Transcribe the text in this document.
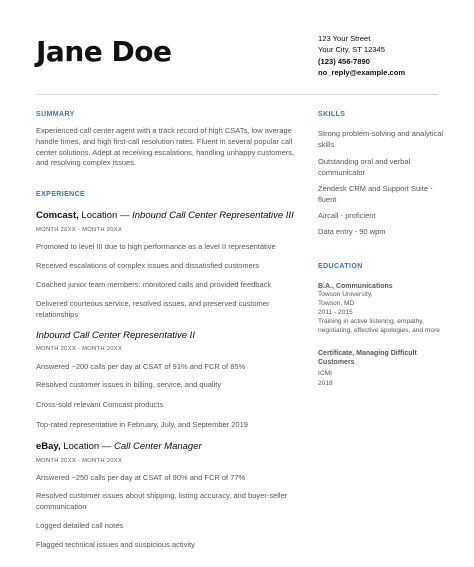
Jane Doe	123 Your Street
Your City, ST 12345
(123) 456-7890
no_reply@example.com
SUMMARY
Experienced call center agent with a track record of high CSATs, low average handle times, and high first-call resolution rates. Fluent in several popular call center solutions. Adept at receiving escalations, handling unhappy customers, and resolving complex issues.
EXPERIENCE
Comcast, Location — Inbound Call Center Representative III
MONTH 20XX - MONTH 20XX
Promoted to level III due to high performance as a level II representative
Received escalations of complex issues and dissatisfied customers
Coached junior team members: monitored calls and provided feedback
Delivered courteous service, resolved issues, and preserved customer relationships
Inbound Call Center Representative II
MONTH 20XX - MONTH 20XX
Answered ~200 calls per day at CSAT of 91% and FCR of 85%
Resolved customer issues in billing, service, and quality
Cross-sold relevant Comcast products
Top-rated representative in February, July, and September 2019
eBay, Location — Call Center Manager
MONTH 20XX - MONTH 20XX
Answered ~250 calls per day at CSAT of 90% and FCR of 77%
Resolved customer issues about shipping, listing accuracy, and buyer-seller communication
Logged detailed call notes
Flagged technical issues and suspicious activity
SKILLS
Strong problem-solving and analytical skills
Outstanding oral and verbal communicator
Zendesk CRM and Support Suite - fluent
Aircall - proficient
Data entry - 90 wpm
EDUCATION
B.A., Communications
Towson University,
Towson, MD
2011 - 2015
Training in active listening, empathy, negotiating, effective apologies, and more
Certificate, Managing Difficult Customers
ICMI
2018
